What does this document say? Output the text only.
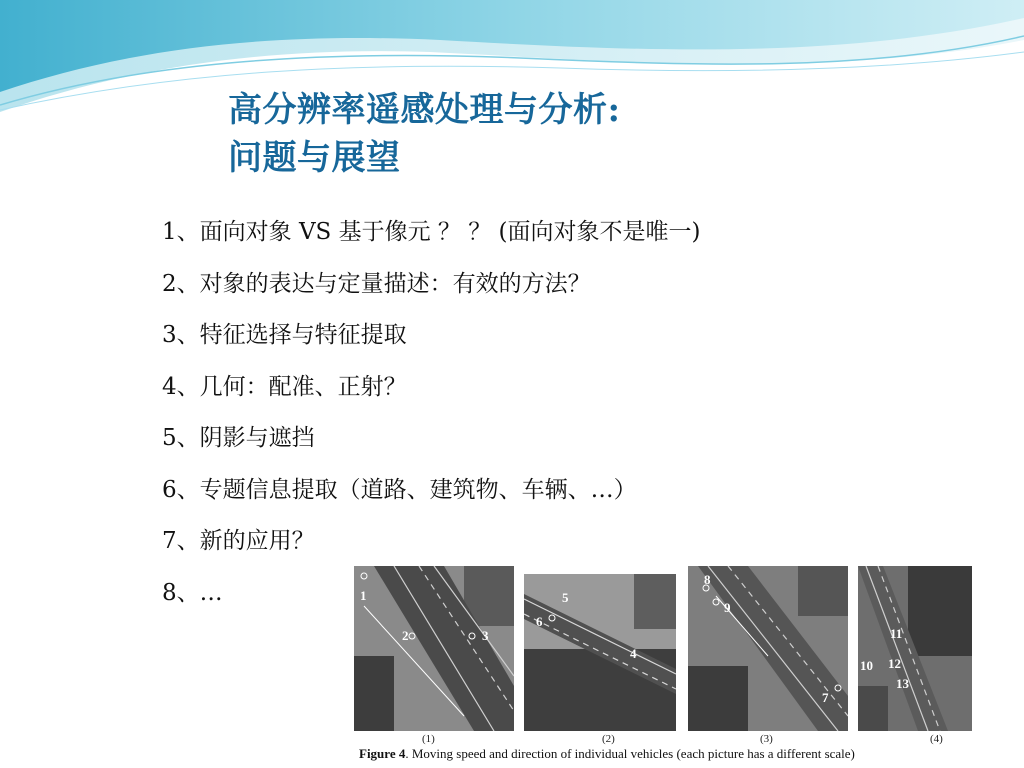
高分辨率遥感处理与分析:
问题与展望
1、面向对象 VS 基于像元 ？ ？ (面向对象不是唯一)
2、对象的表达与定量描述：有效的方法？
3、特征选择与特征提取
4、几何：配准、正射？
5、阴影与遮挡
6、专题信息提取（道路、建筑物、车辆、…）
7、新的应用？
8、…	1
2	3
(1)
5
6
4
(2)
8
9
7
(3)
11
10 12
13
(4)
Figure 4. Moving speed and direction of individual vehicles (each picture has a different scale)
